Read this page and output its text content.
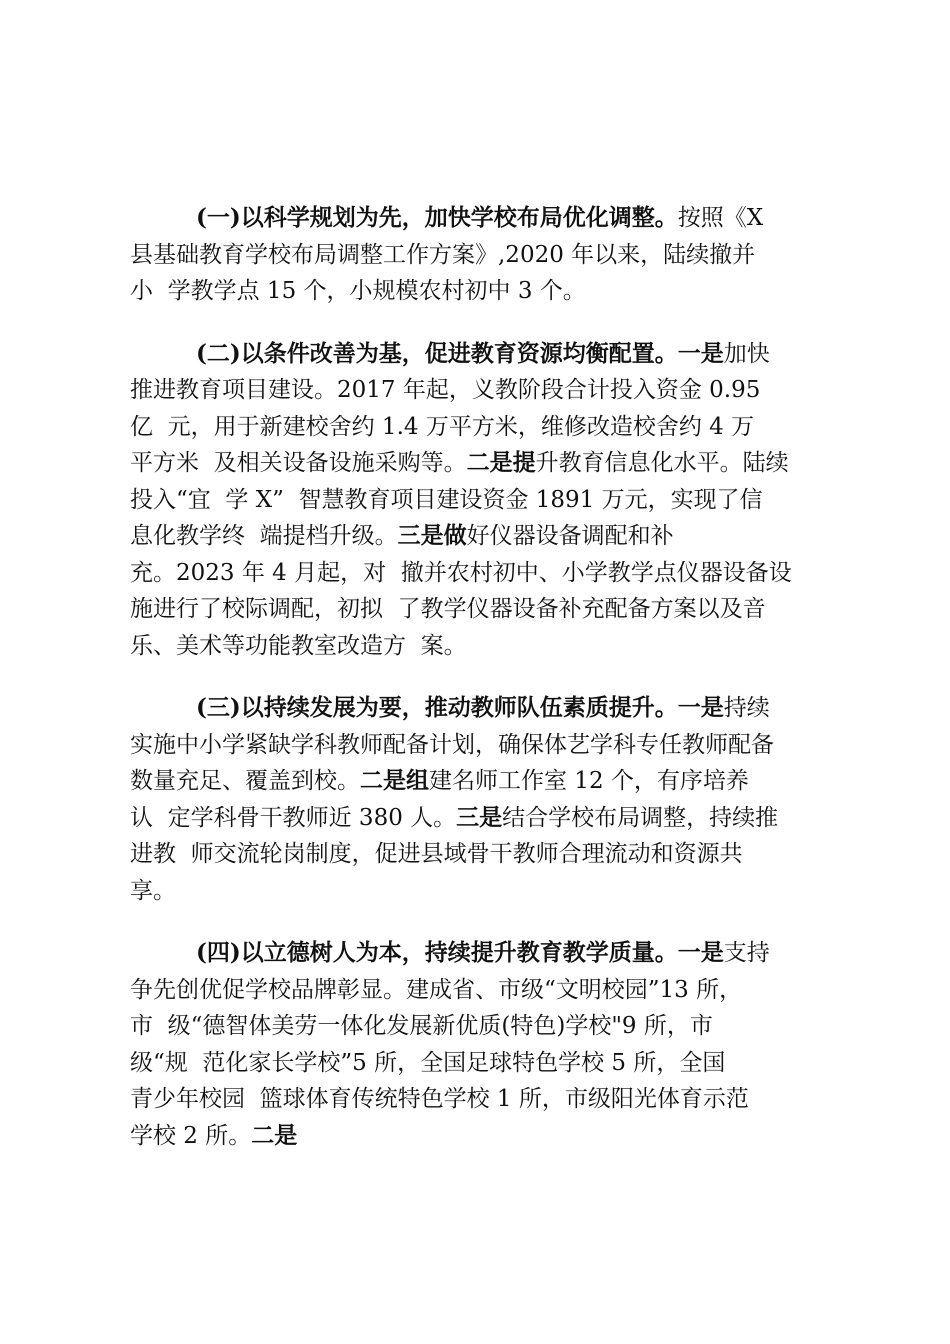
(一)以科学规划为先，加快学校布局优化调整。按照《X
县基础教育学校布局调整工作方案》,2020 年以来，陆续撤并
小  学教学点 15 个，小规模农村初中 3 个。
(二)以条件改善为基，促进教育资源均衡配置。一是加快
推进教育项目建设。2017 年起，义教阶段合计投入资金 0.95
亿  元，用于新建校舍约 1.4 万平方米，维修改造校舍约 4 万
平方米  及相关设备设施采购等。二是提升教育信息化水平。陆续
投入“宜  学 X”  智慧教育项目建设资金 1891 万元，实现了信
息化教学终  端提档升级。三是做好仪器设备调配和补
充。2023 年 4 月起，对  撤并农村初中、小学教学点仪器设备设
施进行了校际调配，初拟  了教学仪器设备补充配备方案以及音
乐、美术等功能教室改造方  案。
(三)以持续发展为要，推动教师队伍素质提升。一是持续
实施中小学紧缺学科教师配备计划，确保体艺学科专任教师配备
数量充足、覆盖到校。二是组建名师工作室 12 个，有序培养
认  定学科骨干教师近 380 人。三是结合学校布局调整，持续推
进教  师交流轮岗制度，促进县域骨干教师合理流动和资源共
享。
(四)以立德树人为本，持续提升教育教学质量。一是支持
争先创优促学校品牌彰显。建成省、市级“文明校园”13 所，
市  级“德智体美劳一体化发展新优质(特色)学校"9 所，市
级“规  范化家长学校”5 所，全国足球特色学校 5 所，全国
青少年校园  篮球体育传统特色学校 1 所，市级阳光体育示范
学校 2 所。二是
